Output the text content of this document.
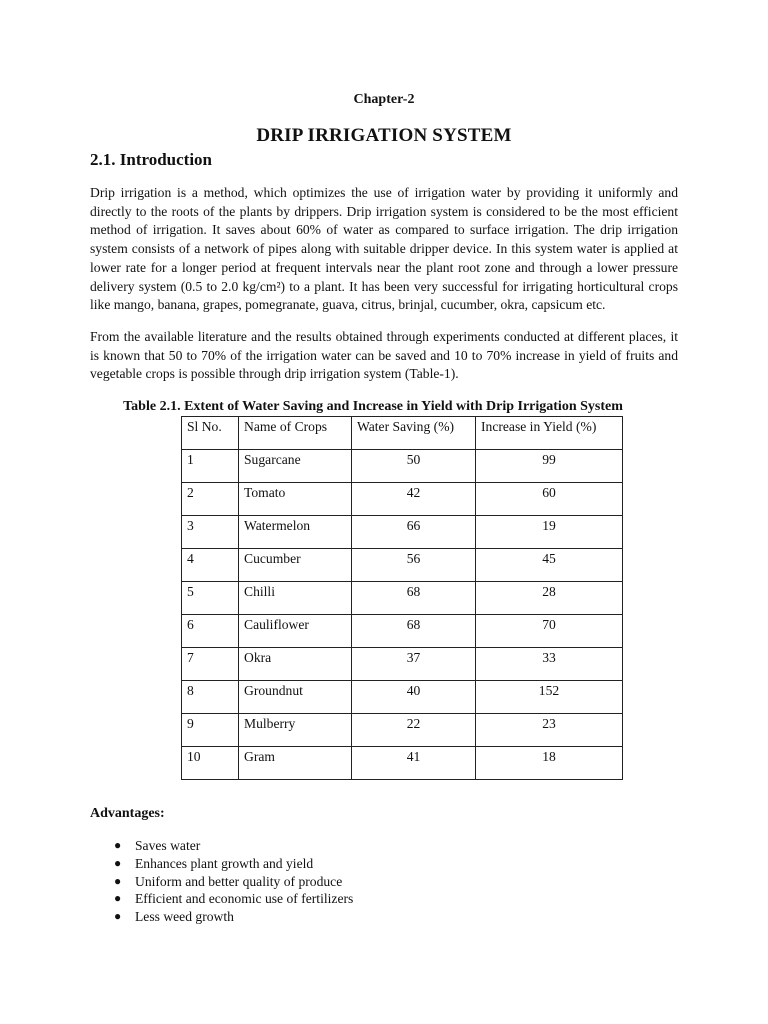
Chapter-2
DRIP IRRIGATION SYSTEM
2.1. Introduction

Drip irrigation is a method, which optimizes the use of irrigation water by providing it uniformly and directly to the roots of the plants by drippers. Drip irrigation system is considered to be the most efficient method of irrigation. It saves about 60% of water as compared to surface irrigation. The drip irrigation system consists of a network of pipes along with suitable dripper device. In this system water is applied at lower rate for a longer period at frequent intervals near the plant root zone and through a lower pressure delivery system (0.5 to 2.0 kg/cm²) to a plant. It has been very successful for irrigating horticultural crops like mango, banana, grapes, pomegranate, guava, citrus, brinjal, cucumber, okra, capsicum etc.

From the available literature and the results obtained through experiments conducted at different places, it is known that 50 to 70% of the irrigation water can be saved and 10 to 70% increase in yield of fruits and vegetable crops is possible through drip irrigation system (Table-1).

Table 2.1. Extent of Water Saving and Increase in Yield with Drip Irrigation System
Sl No.	Name of Crops	Water Saving (%)	Increase in Yield (%)
1	Sugarcane	50	99
2	Tomato	42	60
3	Watermelon	66	19
4	Cucumber	56	45
5	Chilli	68	28
6	Cauliflower	68	70
7	Okra	37	33
8	Groundnut	40	152
9	Mulberry	22	23
10	Gram	41	18
Advantages:
● Saves water
● Enhances plant growth and yield
● Uniform and better quality of produce
● Efficient and economic use of fertilizers
● Less weed growth
